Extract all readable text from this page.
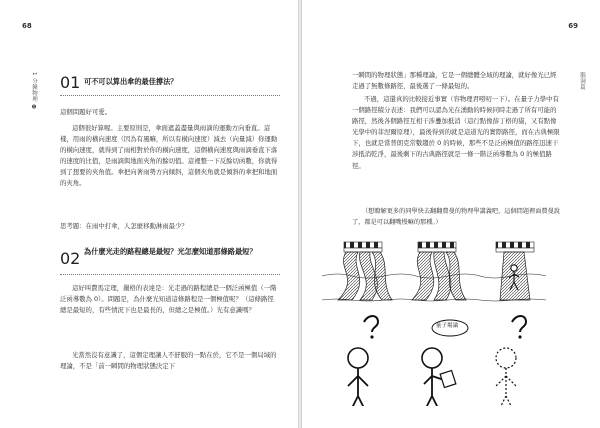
68
1 分鐘物理 ❶ 01 可不可以算出傘的最佳撐法？

這個問題好可愛。

這個很好算喔。主要原則是，傘面遮蓋盡量與雨滴的運動方向垂直。這樣，用雨的橫向速度（因為有風嘛，所以有橫向速度）減去（向量減）你運動的橫向速度，就得到了雨相對於你的橫向速度，這個橫向速度與雨滴垂直下落的速度的比值，是雨滴與地面夾角的餘切值。這裡整一下反餘切函數，你就得到了想要的夾角值。傘把向著雨勢方向傾斜，這個夾角就是傾斜的傘把和地面的夾角。

思考題：在雨中打傘，人怎麼移動淋雨最少？

02 為什麼光走的路程總是最短？光怎麼知道那條路最短？

這好叫費馬定理，嚴格的表達是：光走過的路程總是一個泛函極值（一階泛函導數為 0）。問題是，為什麼光知道這條路程是一個極值呢？（這條路徑總是最短的，有些情況下也是最長的，但總之是極值。）光有意識嗎？

光當然沒有意識了，這個定理讓人不舒服的一點在於，它不是一個局域的理論，不是「前一瞬間的物理狀態決定下

69
腦洞篇

一瞬間的物理狀態」那種理論，它是一個總體全域的理論，就好像光已經走過了無數條路徑，最後選了一條最短的。

不過，這還真的比較接近事實（容物理君嘮叨一下）。在量子力學中有一個路徑積分表述：我們可以認為光在湧動的時候同時走過了所有可能的路徑，然後各個路徑互相干涉疊加抵消（這行點像薛丁格的貓，又有點像光學中的菲涅爾原理），最後得到的就是這道光的實際路徑，而在古典極限下，也就是當普朗克常數趨於 0 的時候，那些不是泛函極值的路徑迅速干涉抵消乾淨，最後剩下的古典路徑就是一條一階泛函導數為 0 的極值路徑。

（想瞭解更多的同學快去翻翻費曼的物理學講義吧，這個問題裡面費曼說了，都是可以翻嘴慢嘛的那種。）

量子場論
